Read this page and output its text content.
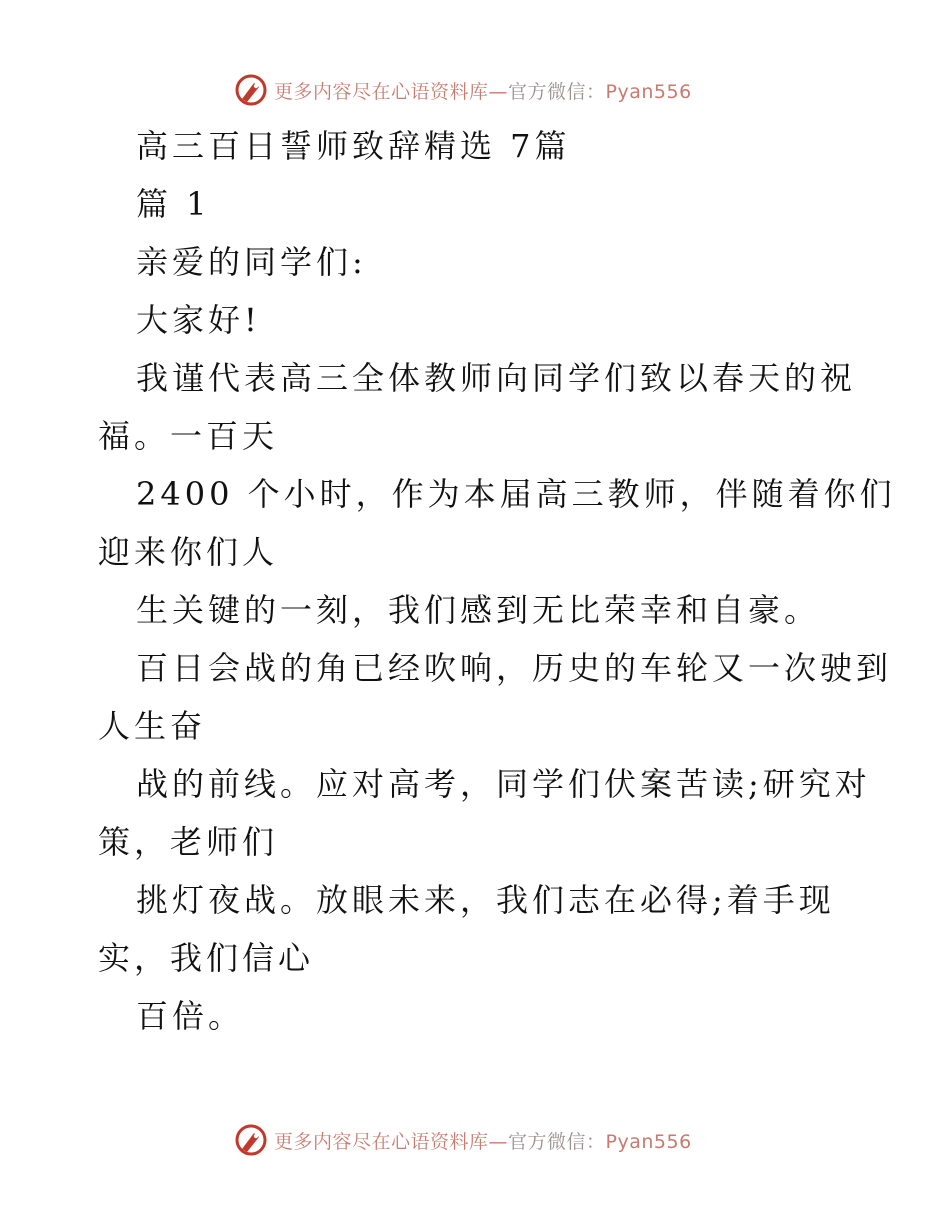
更多内容尽在心语资料库—官方微信：Pyan556
高三百日誓师致辞精选 7篇
篇 1
亲爱的同学们:
大家好!
我谨代表高三全体教师向同学们致以春天的祝
福。一百天
2400 个小时，作为本届高三教师，伴随着你们
迎来你们人
生关键的一刻，我们感到无比荣幸和自豪。
百日会战的角已经吹响，历史的车轮又一次驶到
人生奋
战的前线。应对高考，同学们伏案苦读;研究对
策，老师们
挑灯夜战。放眼未来，我们志在必得;着手现
实，我们信心
百倍。
更多内容尽在心语资料库—官方微信：Pyan556
